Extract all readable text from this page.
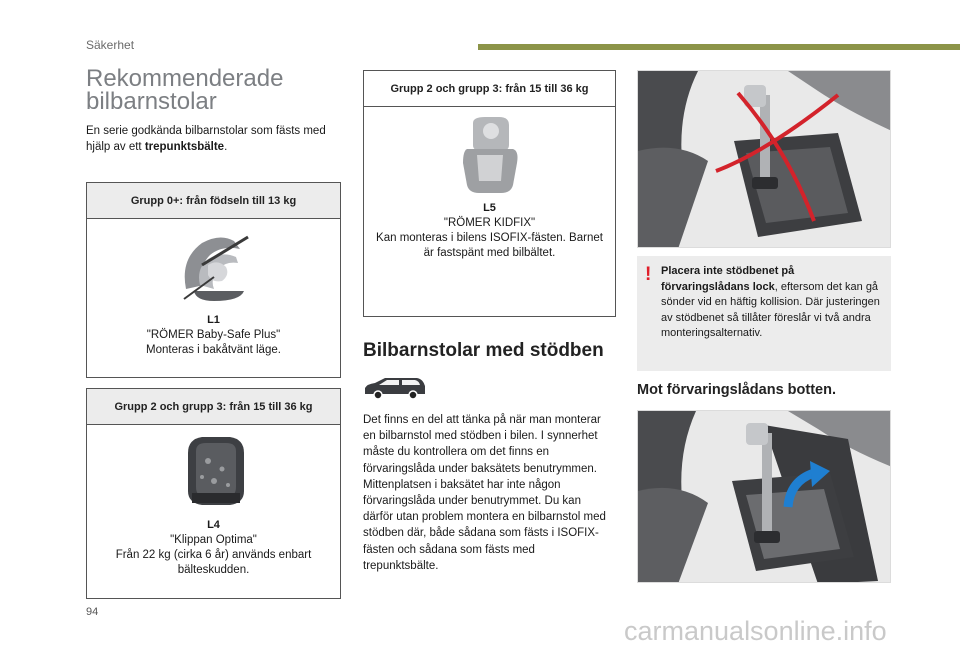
Säkerhet
Rekommenderade
bilbarnstolar

En serie godkända bilbarnstolar som fästs med hjälp av ett trepunktsbälte.

Grupp 0+: från födseln till 13 kg
L1
"RÖMER Baby-Safe Plus"
Monteras i bakåtvänt läge.
Grupp 2 och grupp 3: från 15 till 36 kg
L4
"Klippan Optima"
Från 22 kg (cirka 6 år) används enbart bälteskudden.
Grupp 2 och grupp 3: från 15 till 36 kg
L5
"RÖMER KIDFIX"
Kan monteras i bilens ISOFIX-fästen. Barnet är fastspänt med bilbältet.
Bilbarnstolar med stödben

Det finns en del att tänka på när man monterar en bilbarnstol med stödben i bilen. I synnerhet måste du kontrollera om det finns en förvaringslåda under baksätets benutrymmen. Mittenplatsen i baksätet har inte någon förvaringslåda under benutrymmet. Du kan därför utan problem montera en bilbarnstol med stödben där, både sådana som fästs i ISOFIX-fästen och sådana som fästs med trepunktsbälte.

! Placera inte stödbenet på förvaringslådans lock, eftersom det kan gå sönder vid en häftig kollision. Där justeringen av stödbenet så tillåter föreslår vi två andra monteringsalternativ.

Mot förvaringslådans botten.
94
carmanualsonline.info
